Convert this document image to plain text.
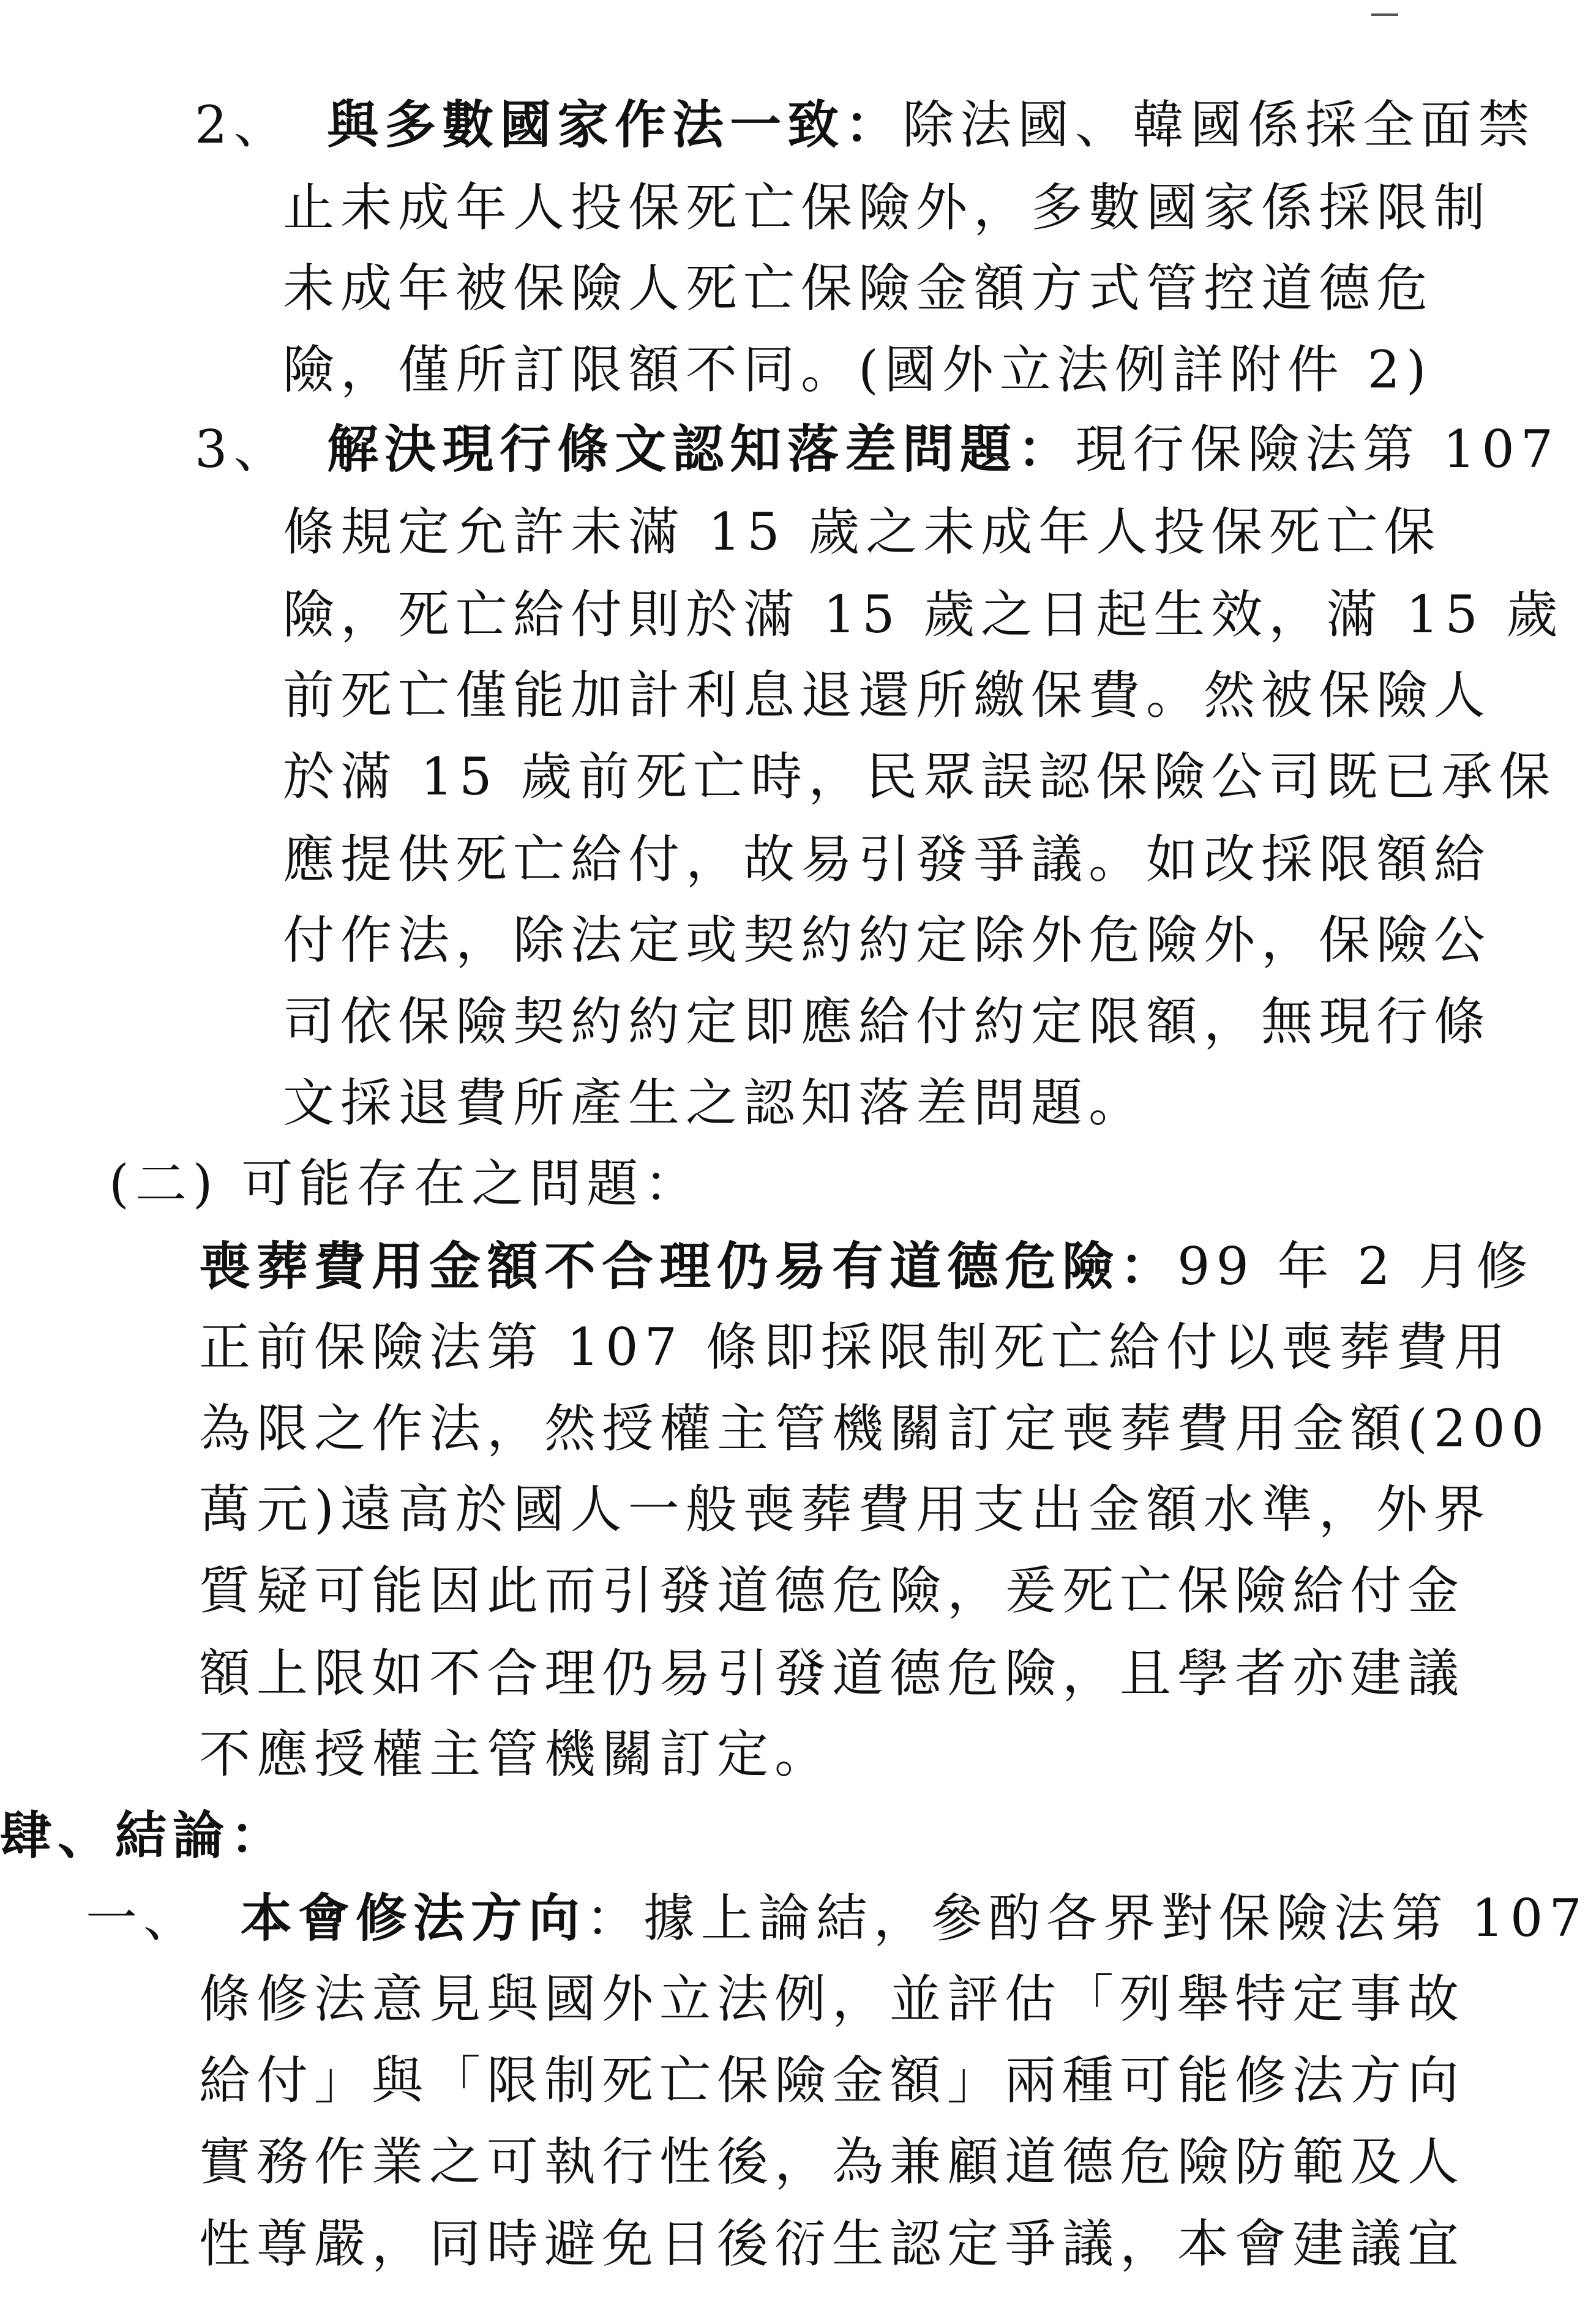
2、 與多數國家作法一致：除法國、韓國係採全面禁
止未成年人投保死亡保險外，多數國家係採限制
未成年被保險人死亡保險金額方式管控道德危
險，僅所訂限額不同。(國外立法例詳附件 2)
3、 解決現行條文認知落差問題：現行保險法第 107
條規定允許未滿 15 歲之未成年人投保死亡保
險，死亡給付則於滿 15 歲之日起生效，滿 15 歲
前死亡僅能加計利息退還所繳保費。然被保險人
於滿 15 歲前死亡時，民眾誤認保險公司既已承保
應提供死亡給付，故易引發爭議。如改採限額給
付作法，除法定或契約約定除外危險外，保險公
司依保險契約約定即應給付約定限額，無現行條
文採退費所產生之認知落差問題。
(二) 可能存在之問題：
喪葬費用金額不合理仍易有道德危險：99 年 2 月修
正前保險法第 107 條即採限制死亡給付以喪葬費用
為限之作法，然授權主管機關訂定喪葬費用金額(200
萬元)遠高於國人一般喪葬費用支出金額水準，外界
質疑可能因此而引發道德危險，爰死亡保險給付金
額上限如不合理仍易引發道德危險，且學者亦建議
不應授權主管機關訂定。
肆、結論：
一、 本會修法方向：據上論結，參酌各界對保險法第 107
條修法意見與國外立法例，並評估「列舉特定事故
給付」與「限制死亡保險金額」兩種可能修法方向
實務作業之可執行性後，為兼顧道德危險防範及人
性尊嚴，同時避免日後衍生認定爭議，本會建議宜
